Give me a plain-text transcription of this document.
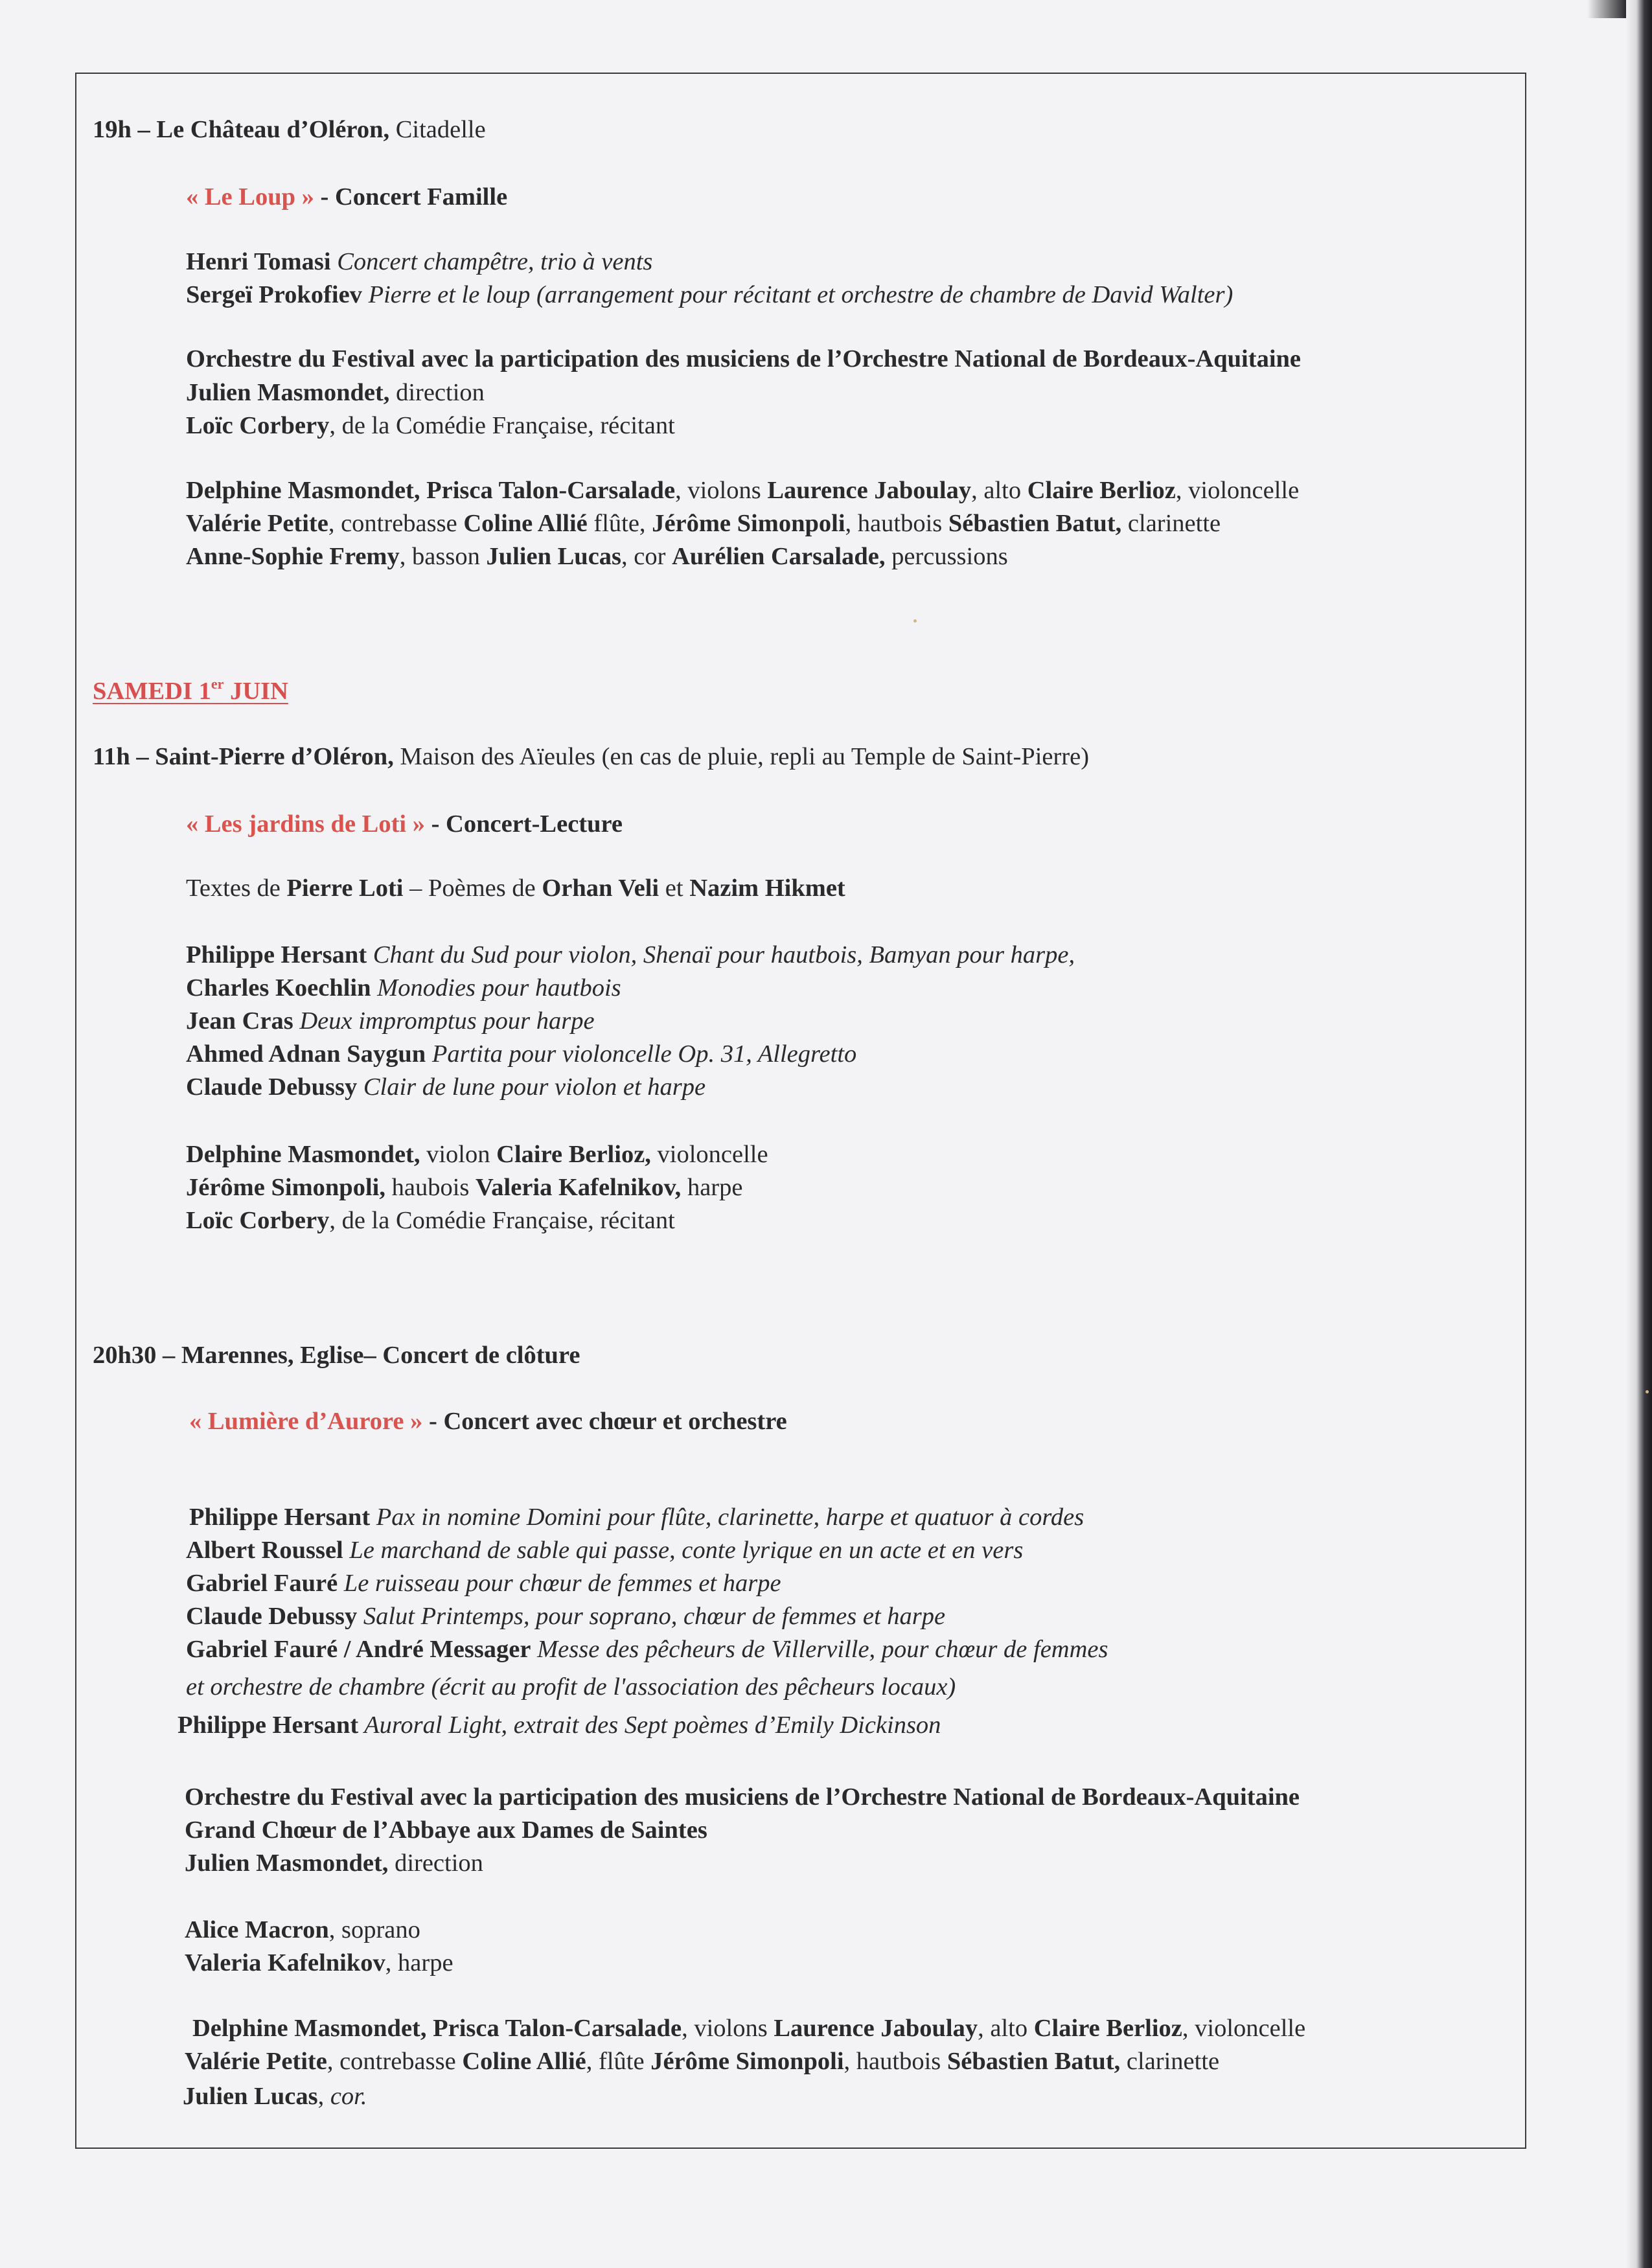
19h – Le Château d’Oléron, Citadelle
« Le Loup » - Concert Famille
Henri Tomasi Concert champêtre, trio à vents
Sergeï Prokofiev Pierre et le loup (arrangement pour récitant et orchestre de chambre de David Walter)
Orchestre du Festival avec la participation des musiciens de l’Orchestre National de Bordeaux-Aquitaine
Julien Masmondet, direction
Loïc Corbery, de la Comédie Française, récitant
Delphine Masmondet, Prisca Talon-Carsalade, violons Laurence Jaboulay, alto Claire Berlioz, violoncelle
Valérie Petite, contrebasse Coline Allié flûte, Jérôme Simonpoli, hautbois Sébastien Batut, clarinette
Anne-Sophie Fremy, basson Julien Lucas, cor Aurélien Carsalade, percussions
SAMEDI 1er JUIN
11h – Saint-Pierre d’Oléron, Maison des Aïeules (en cas de pluie, repli au Temple de Saint-Pierre)
« Les jardins de Loti » - Concert-Lecture
Textes de Pierre Loti – Poèmes de Orhan Veli et Nazim Hikmet
Philippe Hersant Chant du Sud pour violon, Shenaï pour hautbois, Bamyan pour harpe,
Charles Koechlin Monodies pour hautbois
Jean Cras Deux impromptus pour harpe
Ahmed Adnan Saygun Partita pour violoncelle Op. 31, Allegretto
Claude Debussy Clair de lune pour violon et harpe
Delphine Masmondet, violon Claire Berlioz, violoncelle
Jérôme Simonpoli, haubois Valeria Kafelnikov, harpe
Loïc Corbery, de la Comédie Française, récitant
20h30 – Marennes, Eglise– Concert de clôture
« Lumière d’Aurore » - Concert avec chœur et orchestre
Philippe Hersant Pax in nomine Domini pour flûte, clarinette, harpe et quatuor à cordes
Albert Roussel Le marchand de sable qui passe, conte lyrique en un acte et en vers
Gabriel Fauré Le ruisseau pour chœur de femmes et harpe
Claude Debussy Salut Printemps, pour soprano, chœur de femmes et harpe
Gabriel Fauré / André Messager Messe des pêcheurs de Villerville, pour chœur de femmes
et orchestre de chambre (écrit au profit de l'association des pêcheurs locaux)
Philippe Hersant Auroral Light, extrait des Sept poèmes d’Emily Dickinson
Orchestre du Festival avec la participation des musiciens de l’Orchestre National de Bordeaux-Aquitaine
Grand Chœur de l’Abbaye aux Dames de Saintes
Julien Masmondet, direction
Alice Macron, soprano
Valeria Kafelnikov, harpe
Delphine Masmondet, Prisca Talon-Carsalade, violons Laurence Jaboulay, alto Claire Berlioz, violoncelle
Valérie Petite, contrebasse Coline Allié, flûte Jérôme Simonpoli, hautbois Sébastien Batut, clarinette
Julien Lucas, cor.
